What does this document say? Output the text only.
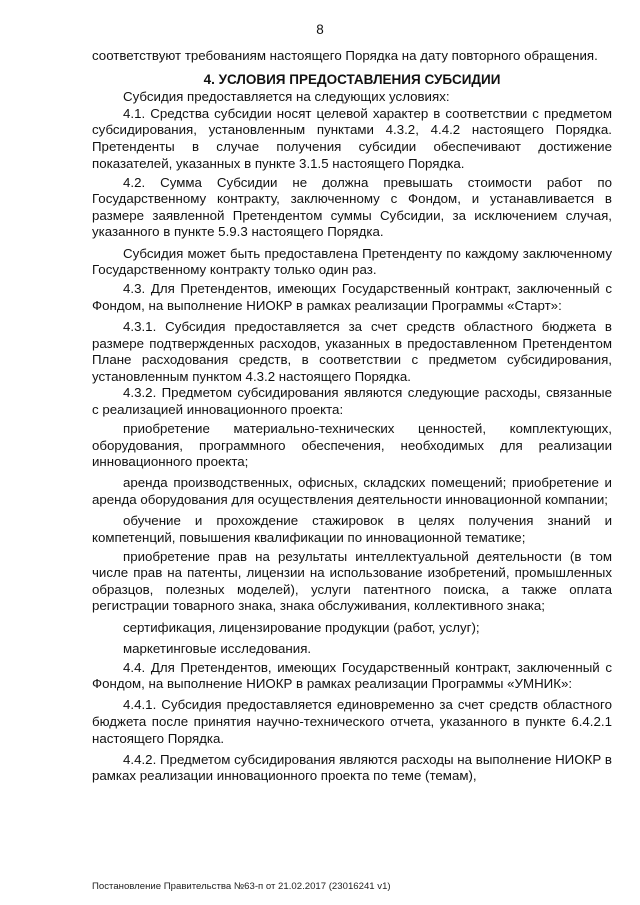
8

соответствуют требованиям настоящего Порядка на дату повторного обращения.

4. УСЛОВИЯ ПРЕДОСТАВЛЕНИЯ СУБСИДИИ

Субсидия предоставляется на следующих условиях:

4.1. Средства субсидии носят целевой характер в соответствии с предметом субсидирования, установленным пунктами 4.3.2, 4.4.2 настоящего Порядка. Претенденты в случае получения субсидии обеспечивают достижение показателей, указанных в пункте 3.1.5 настоящего Порядка.

4.2. Сумма Субсидии не должна превышать стоимости работ по Государственному контракту, заключенному с Фондом, и устанавливается в размере заявленной Претендентом суммы Субсидии, за исключением случая, указанного в пункте 5.9.3 настоящего Порядка.

Субсидия может быть предоставлена Претенденту по каждому заключенному Государственному контракту только один раз.

4.3. Для Претендентов, имеющих Государственный контракт, заключенный с Фондом, на выполнение НИОКР в рамках реализации Программы «Старт»:

4.3.1. Субсидия предоставляется за счет средств областного бюджета в размере подтвержденных расходов, указанных в предоставленном Претендентом Плане расходования средств, в соответствии с предметом субсидирования, установленным пунктом 4.3.2 настоящего Порядка.

4.3.2. Предметом субсидирования являются следующие расходы, связанные с реализацией инновационного проекта:

приобретение материально-технических ценностей, комплектующих, оборудования, программного обеспечения, необходимых для реализации инновационного проекта;

аренда производственных, офисных, складских помещений; приобретение и аренда оборудования для осуществления деятельности инновационной компании;

обучение и прохождение стажировок в целях получения знаний и компетенций, повышения квалификации по инновационной тематике;

приобретение прав на результаты интеллектуальной деятельности (в том числе прав на патенты, лицензии на использование изобретений, промышленных образцов, полезных моделей), услуги патентного поиска, а также оплата регистрации товарного знака, знака обслуживания, коллективного знака;

сертификация, лицензирование продукции (работ, услуг);

маркетинговые исследования.

4.4. Для Претендентов, имеющих Государственный контракт, заключенный с Фондом, на выполнение НИОКР в рамках реализации Программы «УМНИК»:

4.4.1. Субсидия предоставляется единовременно за счет средств областного бюджета после принятия научно-технического отчета, указанного в пункте 6.4.2.1 настоящего Порядка.

4.4.2. Предметом субсидирования являются расходы на выполнение НИОКР в рамках реализации инновационного проекта по теме (темам),

Постановление Правительства №63-п от 21.02.2017 (23016241 v1)
